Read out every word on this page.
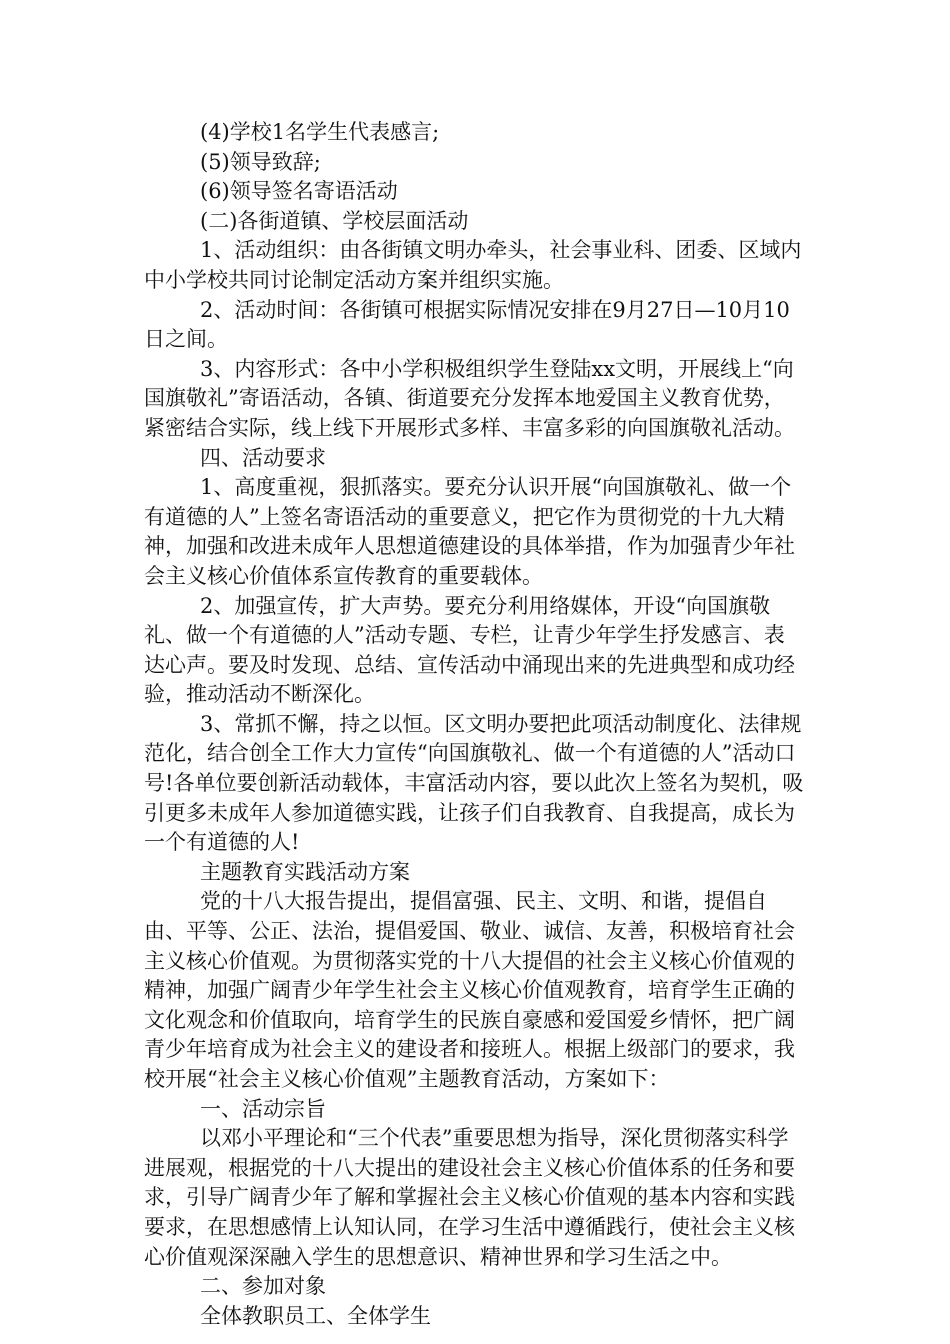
(4)学校1名学生代表感言;

(5)领导致辞;

(6)领导签名寄语活动

(二)各街道镇、学校层面活动

1、活动组织：由各街镇文明办牵头，社会事业科、团委、区域内中小学校共同讨论制定活动方案并组织实施。

2、活动时间：各街镇可根据实际情况安排在9月27日—10月10日之间。

3、内容形式：各中小学积极组织学生登陆xx文明，开展线上“向国旗敬礼”寄语活动，各镇、街道要充分发挥本地爱国主义教育优势，紧密结合实际，线上线下开展形式多样、丰富多彩的向国旗敬礼活动。

四、活动要求

1、高度重视，狠抓落实。要充分认识开展“向国旗敬礼、做一个有道德的人”上签名寄语活动的重要意义，把它作为贯彻党的十九大精神，加强和改进未成年人思想道德建设的具体举措，作为加强青少年社会主义核心价值体系宣传教育的重要载体。

2、加强宣传，扩大声势。要充分利用络媒体，开设“向国旗敬礼、做一个有道德的人”活动专题、专栏，让青少年学生抒发感言、表达心声。要及时发现、总结、宣传活动中涌现出来的先进典型和成功经验，推动活动不断深化。

3、常抓不懈，持之以恒。区文明办要把此项活动制度化、法律规范化，结合创全工作大力宣传“向国旗敬礼、做一个有道德的人”活动口号!各单位要创新活动载体，丰富活动内容，要以此次上签名为契机，吸引更多未成年人参加道德实践，让孩子们自我教育、自我提高，成长为一个有道德的人!

主题教育实践活动方案

党的十八大报告提出，提倡富强、民主、文明、和谐，提倡自由、平等、公正、法治，提倡爱国、敬业、诚信、友善，积极培育社会主义核心价值观。为贯彻落实党的十八大提倡的社会主义核心价值观的精神，加强广阔青少年学生社会主义核心价值观教育，培育学生正确的文化观念和价值取向，培育学生的民族自豪感和爱国爱乡情怀，把广阔青少年培育成为社会主义的建设者和接班人。根据上级部门的要求，我校开展“社会主义核心价值观”主题教育活动，方案如下：

一、活动宗旨

以邓小平理论和“三个代表”重要思想为指导，深化贯彻落实科学进展观，根据党的十八大提出的建设社会主义核心价值体系的任务和要求，引导广阔青少年了解和掌握社会主义核心价值观的基本内容和实践要求，在思想感情上认知认同，在学习生活中遵循践行，使社会主义核心价值观深深融入学生的思想意识、精神世界和学习生活之中。

二、参加对象

全体教职员工、全体学生
